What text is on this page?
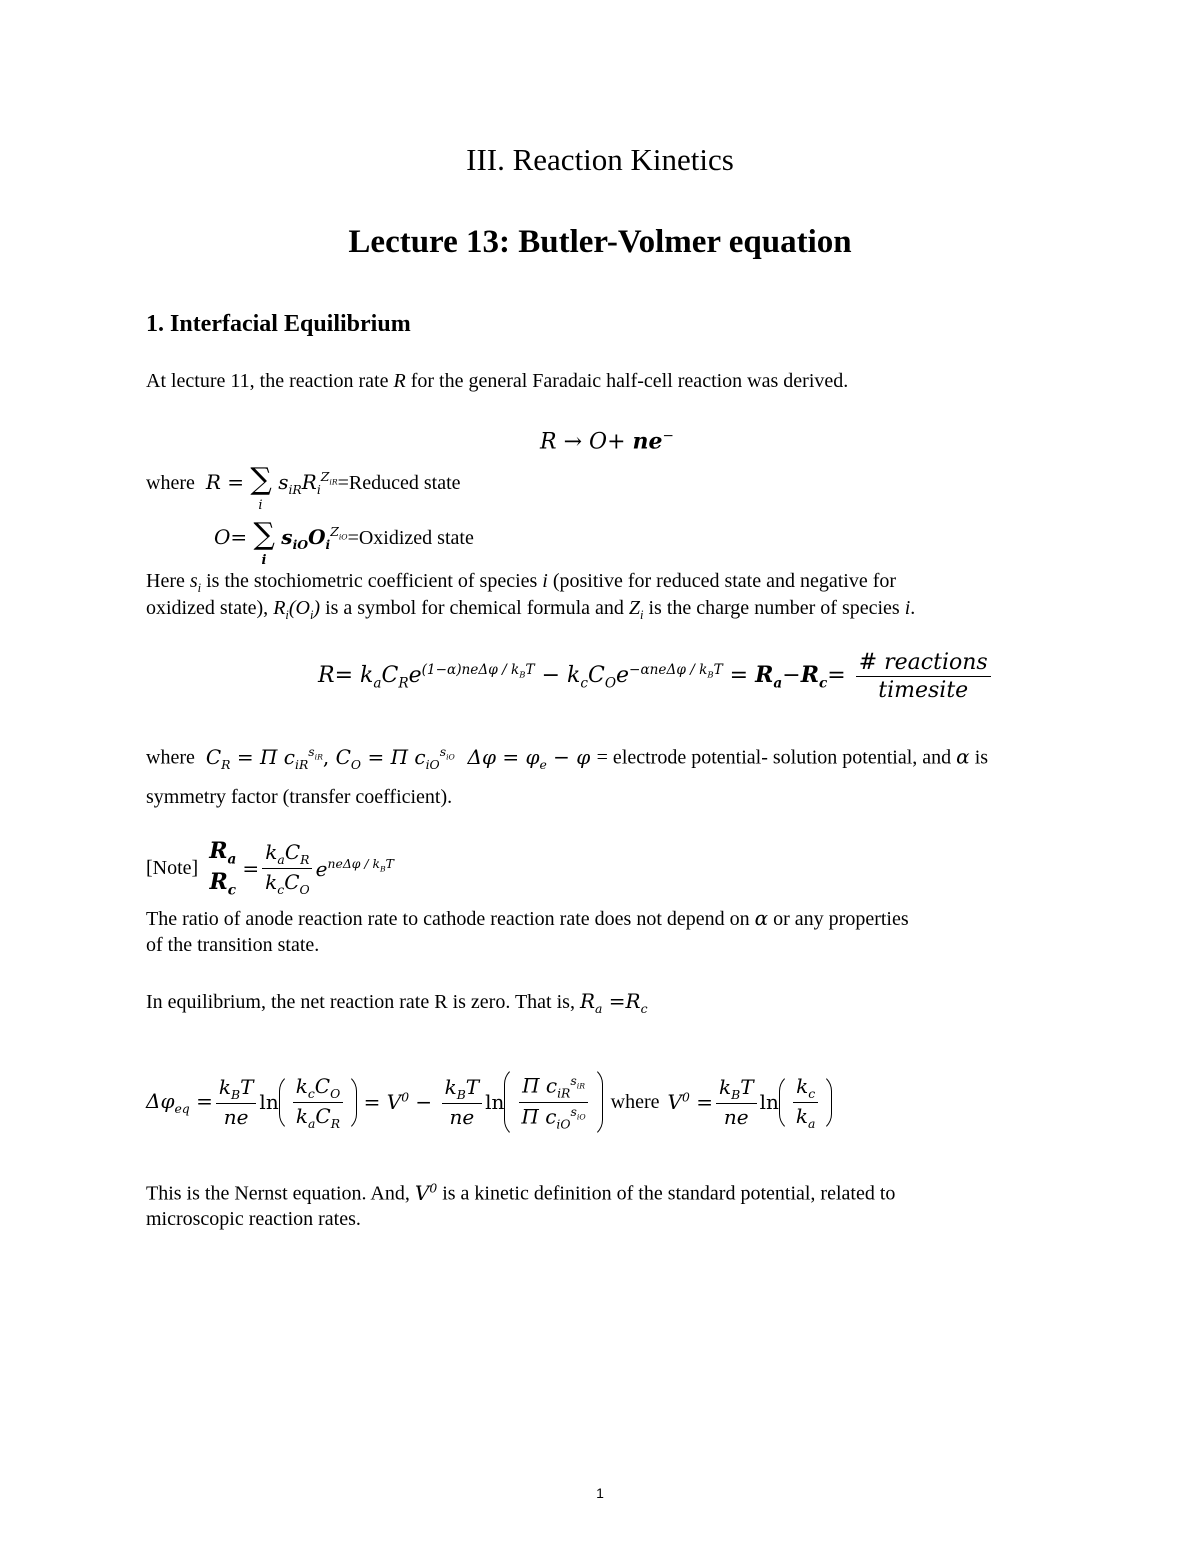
III. Reaction Kinetics
Lecture 13: Butler-Volmer equation
1. Interfacial Equilibrium
At lecture 11, the reaction rate R for the general Faradaic half-cell reaction was derived.
R → O+ ne−
where R = ∑
i
$s_{iR}R_i^{Z_{iR}}=Reduced$ state
O= ∑
i
$s_{iO}O_i^{Z_{iO}}=Oxidized$ state
Here $s_i$ is the stochiometric coefficient of species i (positive for reduced state and negative for
oxidized state), $R_i(O_i)$ is a symbol for chemical formula and $Z_i$ is the charge number of species i.
$R= k_aC_Re^{(1-\alpha)ne\Delta\varphi / k_BT} - k_cC_Oe^{-\alpha ne\Delta\varphi / k_BT} = R_a-R_c= \frac{\text{\# reactions}}{\text{timesite}}$
where $C_R = \Pi$ $c_{iR}^{s_{iR}}$, $C_O = \Pi$ $c_{iO}^{s_{iO}}$ $\Delta\varphi = \varphi_e - \varphi$ = electrode potential- solution potential, and α is
symmetry factor (transfer coefficient).
[Note]
$R_a$
$R_c$
= $\frac{k_aC_R}{k_cC_O} e^{ne\Delta\varphi / k_BT}$
The ratio of anode reaction rate to cathode reaction rate does not depend on α or any properties
of the transition state.
In equilibrium, the net reaction rate R is zero. That is, $R_a =R_c$
$\Delta\varphi_{eq} = \frac{k_BT}{ne}$ $\ln \frac{k_cC_O}{k_aC_R} = V^0 - \frac{k_BT}{ne}$ $\ln \frac{\Pi c_{iR}^{s_{iR}}}{\Pi c_{iO}^{s_{iO}}}$ where $V^0 = \frac{k_BT}{ne}$ $\ln \frac{k_c}{k_a}$
This is the Nernst equation. And, $V^0$ is a kinetic definition of the standard potential, related to
microscopic reaction rates.
1
